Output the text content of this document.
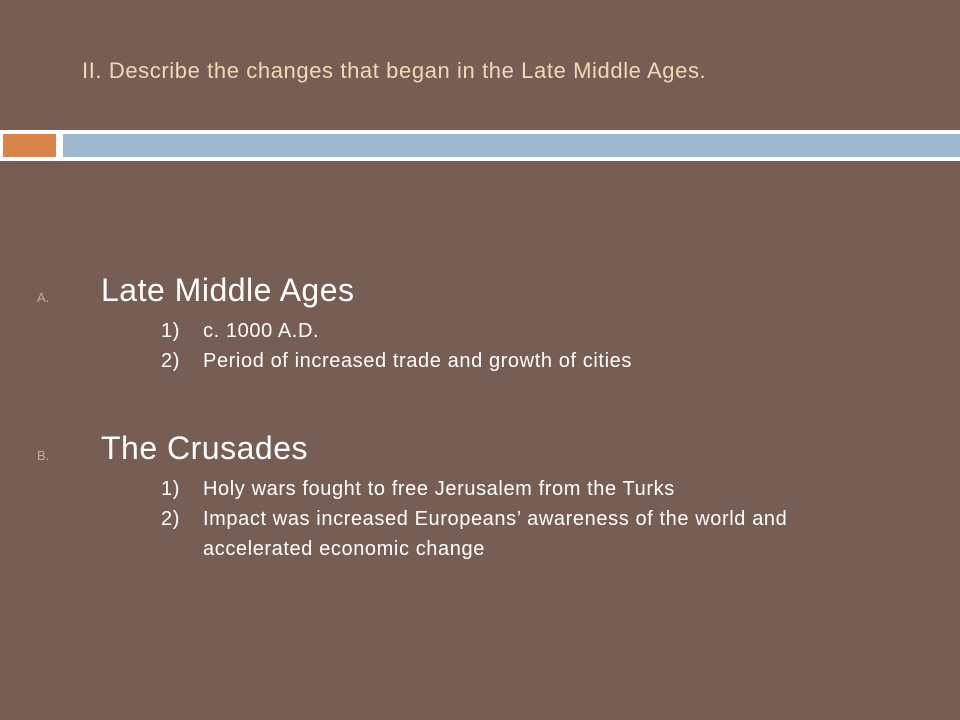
II. Describe the changes that began in the Late Middle Ages.
A. Late Middle Ages
1) c. 1000 A.D.
2) Period of increased trade and growth of cities
B. The Crusades
1) Holy wars fought to free Jerusalem from the Turks
2) Impact was increased Europeans’ awareness of the world and accelerated economic change
